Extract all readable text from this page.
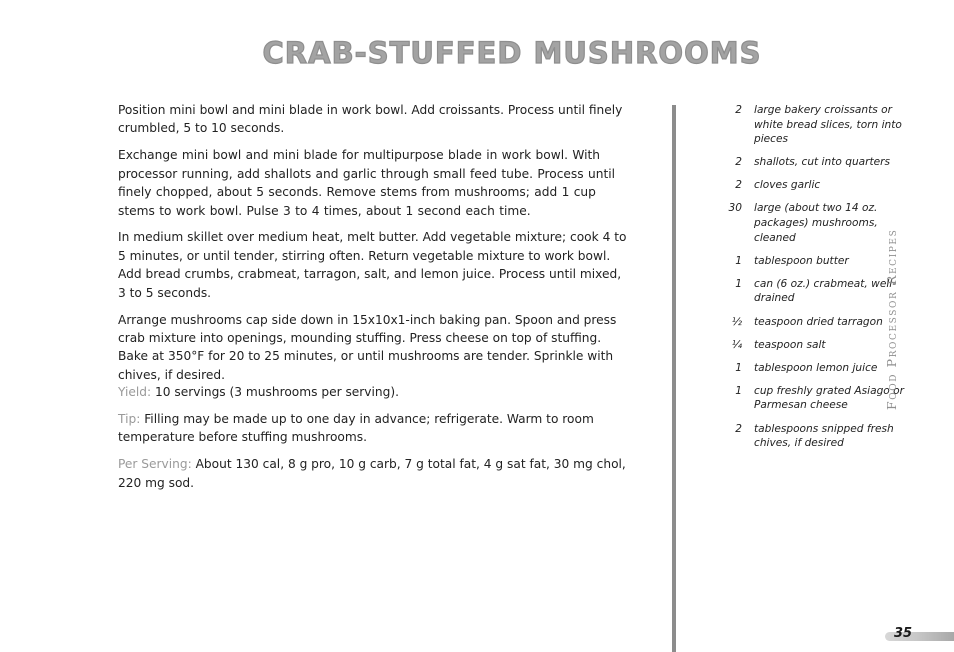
CRAB-STUFFED MUSHROOMS

Position mini bowl and mini blade in work bowl. Add croissants. Process until finely crumbled, 5 to 10 seconds.

Exchange mini bowl and mini blade for multipurpose blade in work bowl. With processor running, add shallots and garlic through small feed tube. Process until finely chopped, about 5 seconds. Remove stems from mushrooms; add 1 cup stems to work bowl. Pulse 3 to 4 times, about 1 second each time.

In medium skillet over medium heat, melt butter. Add vegetable mixture; cook 4 to 5 minutes, or until tender, stirring often. Return vegetable mixture to work bowl. Add bread crumbs, crabmeat, tarragon, salt, and lemon juice. Process until mixed, 3 to 5 seconds.

Arrange mushrooms cap side down in 15x10x1-inch baking pan. Spoon and press crab mixture into openings, mounding stuffing. Press cheese on top of stuffing. Bake at 350°F for 20 to 25 minutes, or until mushrooms are tender. Sprinkle with chives, if desired.

Yield: 10 servings (3 mushrooms per serving).

Tip: Filling may be made up to one day in advance; refrigerate. Warm to room temperature before stuffing mushrooms.

Per Serving: About 130 cal, 8 g pro, 10 g carb, 7 g total fat, 4 g sat fat, 30 mg chol, 220 mg sod.

2 large bakery croissants or white bread slices, torn into pieces
2 shallots, cut into quarters
2 cloves garlic
30 large (about two 14 oz. packages) mushrooms, cleaned
1 tablespoon butter
1 can (6 oz.) crabmeat, well-drained
½ teaspoon dried tarragon
¼ teaspoon salt
1 tablespoon lemon juice
1 cup freshly grated Asiago or Parmesan cheese
2 tablespoons snipped fresh chives, if desired
Food Processor Recipes
35
